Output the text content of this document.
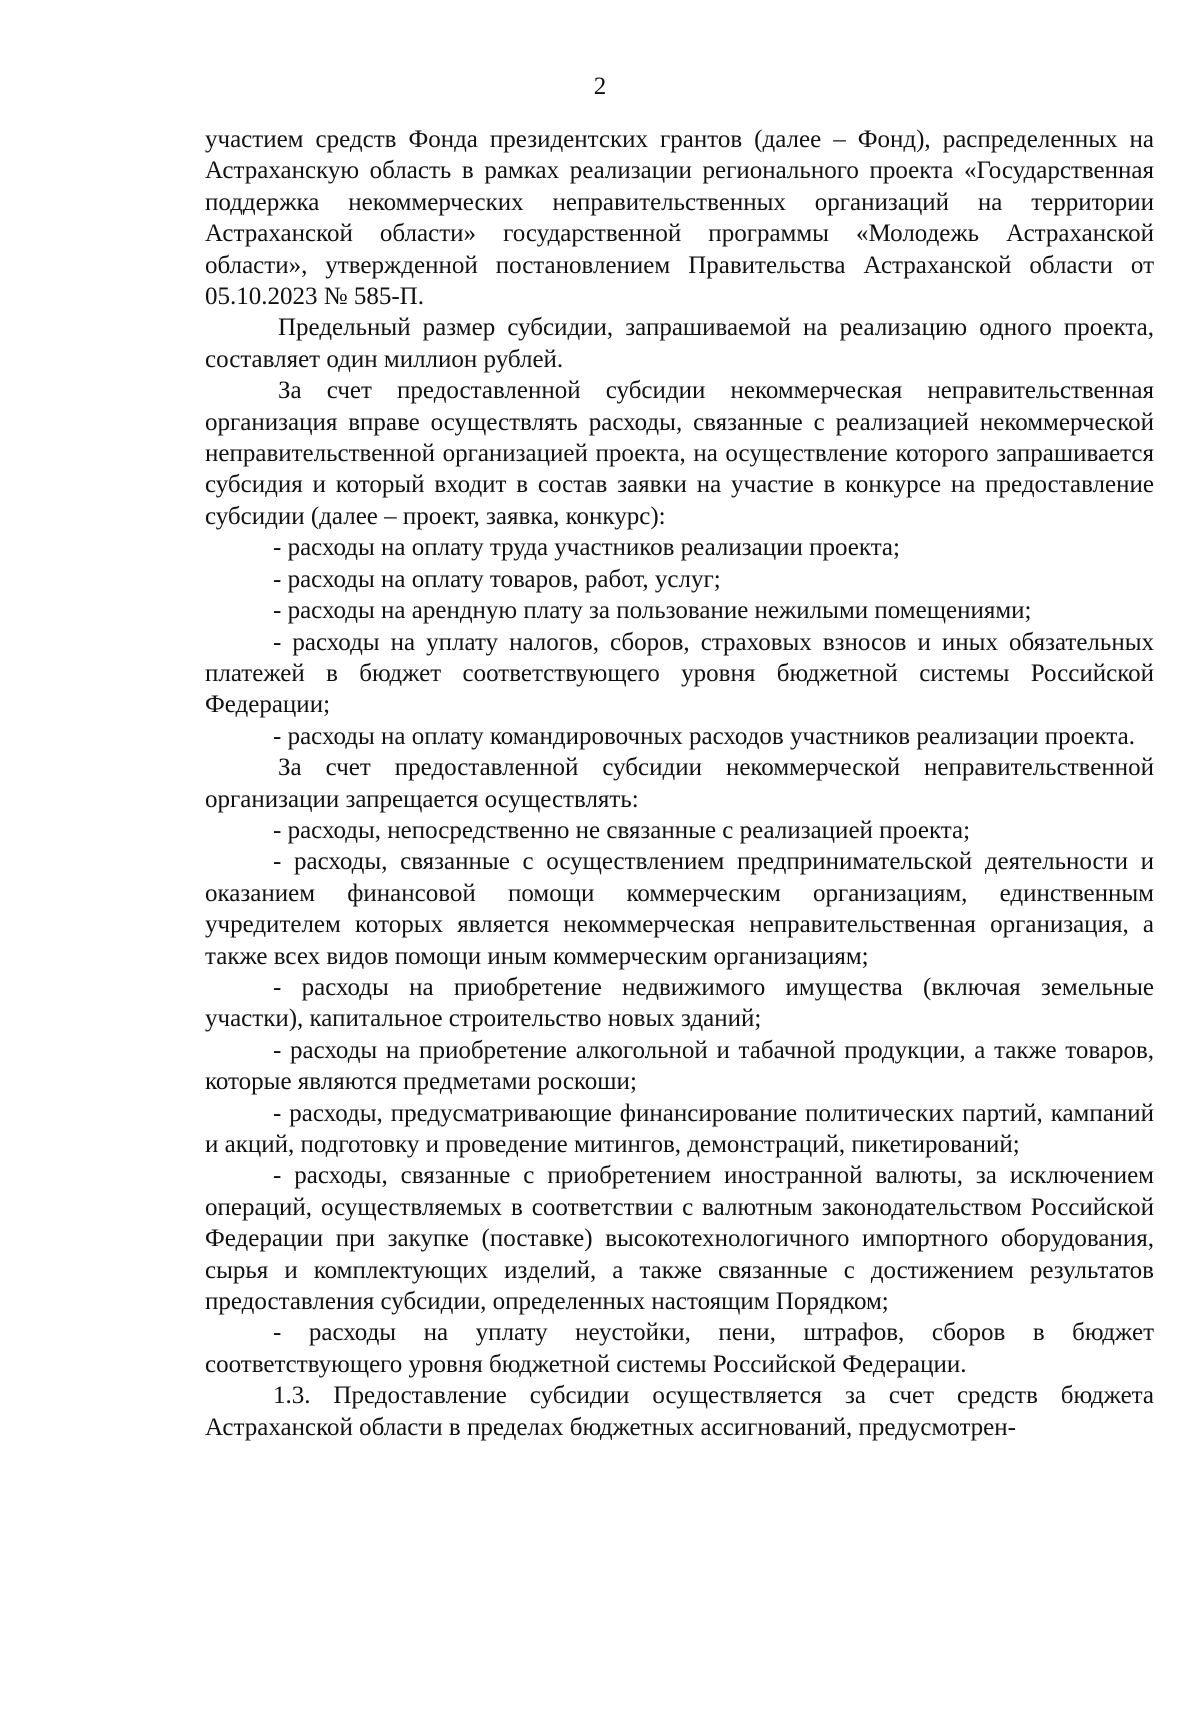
2

участием средств Фонда президентских грантов (далее – Фонд), распределенных на Астраханскую область в рамках реализации регионального проекта «Государственная поддержка некоммерческих неправительственных организаций на территории Астраханской области» государственной программы «Молодежь Астраханской области», утвержденной постановлением Правительства Астраханской области от 05.10.2023 № 585-П.

Предельный размер субсидии, запрашиваемой на реализацию одного проекта, составляет один миллион рублей.

За счет предоставленной субсидии некоммерческая неправительственная организация вправе осуществлять расходы, связанные с реализацией некоммерческой неправительственной организацией проекта, на осуществление которого запрашивается субсидия и который входит в состав заявки на участие в конкурсе на предоставление субсидии (далее – проект, заявка, конкурс):

- расходы на оплату труда участников реализации проекта;

- расходы на оплату товаров, работ, услуг;

- расходы на арендную плату за пользование нежилыми помещениями;

- расходы на уплату налогов, сборов, страховых взносов и иных обязательных платежей в бюджет соответствующего уровня бюджетной системы Российской Федерации;

- расходы на оплату командировочных расходов участников реализации проекта.

За счет предоставленной субсидии некоммерческой неправительственной организации запрещается осуществлять:

- расходы, непосредственно не связанные с реализацией проекта;

- расходы, связанные с осуществлением предпринимательской деятельности и оказанием финансовой помощи коммерческим организациям, единственным учредителем которых является некоммерческая неправительственная организация, а также всех видов помощи иным коммерческим организациям;

- расходы на приобретение недвижимого имущества (включая земельные участки), капитальное строительство новых зданий;

- расходы на приобретение алкогольной и табачной продукции, а также товаров, которые являются предметами роскоши;

- расходы, предусматривающие финансирование политических партий, кампаний и акций, подготовку и проведение митингов, демонстраций, пикетирований;

- расходы, связанные с приобретением иностранной валюты, за исключением операций, осуществляемых в соответствии с валютным законодательством Российской Федерации при закупке (поставке) высокотехнологичного импортного оборудования, сырья и комплектующих изделий, а также связанные с достижением результатов предоставления субсидии, определенных настоящим Порядком;

- расходы на уплату неустойки, пени, штрафов, сборов в бюджет соответствующего уровня бюджетной системы Российской Федерации.

1.3. Предоставление субсидии осуществляется за счет средств бюджета Астраханской области в пределах бюджетных ассигнований, предусмотрен-
